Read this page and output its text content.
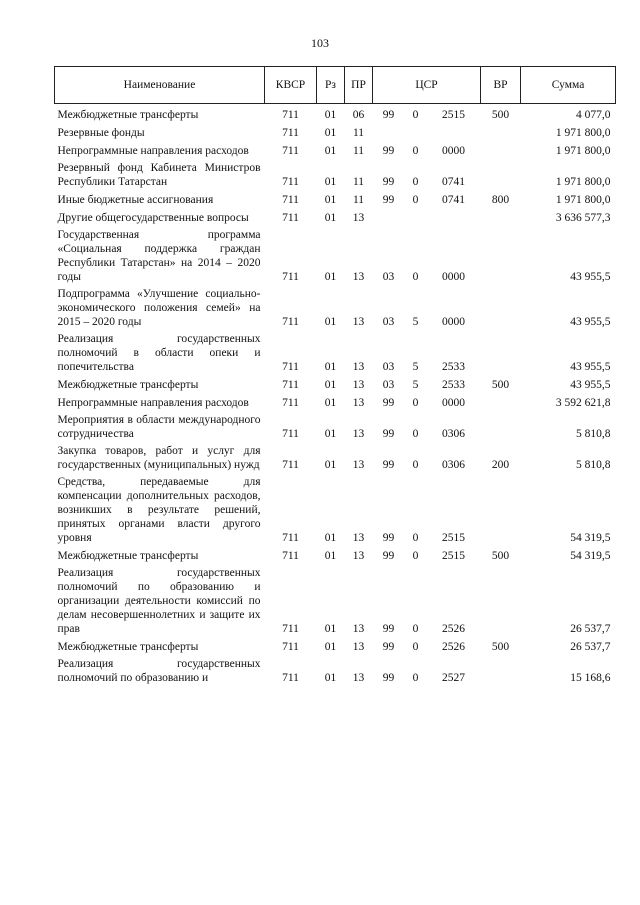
103
Наименование	КВСР	Рз	ПР	ЦСР			ВР	Сумма
Межбюджетные трансферты	711	01	06	99	0	2515	500	4 077,0
Резервные фонды	711	01	11					1 971 800,0
Непрограммные направления расходов	711	01	11	99	0	0000		1 971 800,0
Резервный фонд Кабинета Министров Республики Татарстан	711	01	11	99	0	0741		1 971 800,0
Иные бюджетные ассигнования	711	01	11	99	0	0741	800	1 971 800,0
Другие общегосударственные вопросы	711	01	13					3 636 577,3
Государственная программа «Социальная поддержка граждан Республики Татарстан» на 2014 – 2020 годы	711	01	13	03	0	0000		43 955,5
Подпрограмма «Улучшение социально-экономического положения семей» на 2015 – 2020 годы	711	01	13	03	5	0000		43 955,5
Реализация государственных полномочий в области опеки и попечительства	711	01	13	03	5	2533		43 955,5
Межбюджетные трансферты	711	01	13	03	5	2533	500	43 955,5
Непрограммные направления расходов	711	01	13	99	0	0000		3 592 621,8
Мероприятия в области международного сотрудничества	711	01	13	99	0	0306		5 810,8
Закупка товаров, работ и услуг для государственных (муниципальных) нужд	711	01	13	99	0	0306	200	5 810,8
Средства, передаваемые для компенсации дополнительных расходов, возникших в результате решений, принятых органами власти другого уровня	711	01	13	99	0	2515		54 319,5
Межбюджетные трансферты	711	01	13	99	0	2515	500	54 319,5
Реализация государственных полномочий по образованию и организации деятельности комиссий по делам несовершеннолетних и защите их прав	711	01	13	99	0	2526		26 537,7
Межбюджетные трансферты	711	01	13	99	0	2526	500	26 537,7
Реализация государственных полномочий по образованию и	711	01	13	99	0	2527		15 168,6
